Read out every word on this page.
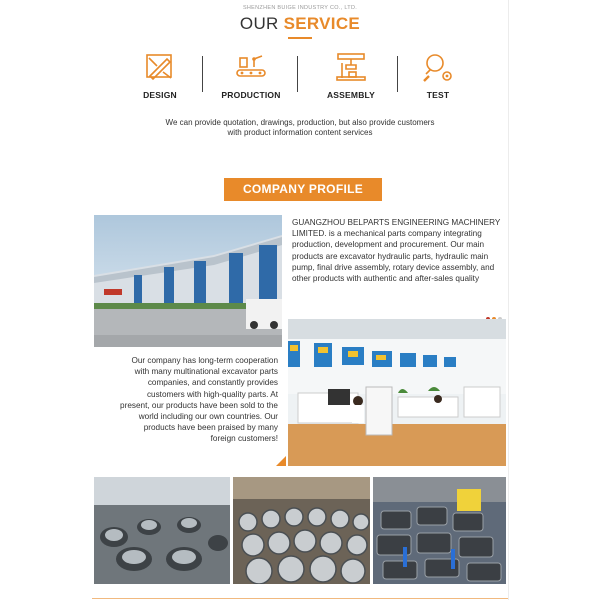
SHENZHEN BUIGE INDUSTRY CO., LTD.
OUR SERVICE
DESIGN	PRODUCTION	ASSEMBLY	TEST
We can provide quotation, drawings, production, but also provide customers with product information content services
COMPANY PROFILE
GUANGZHOU BELPARTS ENGINEERING MACHINERY LIMITED. is a mechanical parts company integrating production, development and procurement. Our main products are excavator hydraulic parts, hydraulic main pump, final drive assembly, rotary device assembly, and other products with authentic and after-sales quality
Our company has long-term cooperation with many multinational excavator parts companies, and constantly provides customers with high-quality parts. At present, our products have been sold to the world including our own countries. Our products have been praised by many foreign customers!
